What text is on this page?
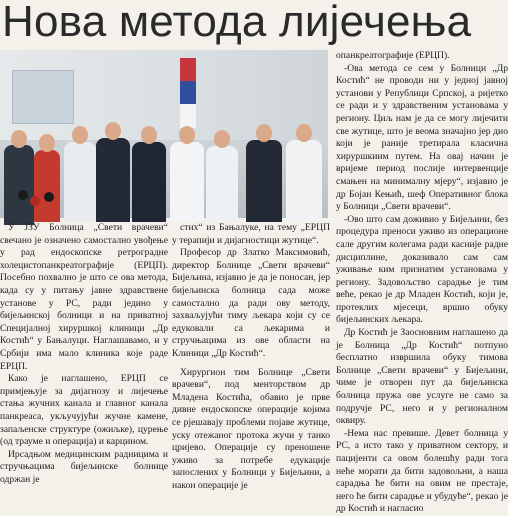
Нова метода лијечења

У ЈЗУ Болница „Свети врачеви“ свечано је означено самостално увођење у рад ендоскопске ретроградне холецистопанкреатографије (ЕРЦП). Посебно похвално је што се ова метода, када су у питању јавне здравствене установе у РС, ради једино у бијељинској болници и на приватној Специјалној хируршкој клиници „Др Костић“ у Бањалуци. Наглашавамо, и у Србији има мало клиника које раде ЕРЦП.

Како је наглашено, ЕРЦП се примјењује за дијагнозу и лијечење стања жучних канала и главног канала панкреаса, укључујући жучне камене, запаљенске структуре (ожиљке), цурење (од трауме и операција) и карцином.

Ирсадњом медицинским радницима и стручњацима бијељинске болнице одржан је

стих“ из Бањалуке, на тему „ЕРЦП у терапији и дијагностици жутице“.

Професор др Златко Максимовић, директор Болнице „Свети врачеви“ Бијељина, изјавио је да је поносан, јер бијељинска болница сада може самостално да ради ову методу, захваљујући тиму љекара који су се едуковали са љекарима и стручњацима из ове области на Клиници „Др Костић“.

Хирургион тим Болнице „Свети врачеви“, под менторством др Младена Костића, обавио је прве дивне ендоскопске операције којима се рјешавају проблеми појаве жутице, уску отежаног протока жучи у танко цријево. Операције су преношене уживо за потребе едукације запослених у Болници у Бијељини, а након операције је

опанкреатографије (ЕРЦП).

-Ова метода се сем у Болници „Др Костић“ не проводи ни у једној јавној установи у Републици Српској, а ријетко се ради и у здравственим установама у региону. Циљ нам је да се могу лијечити све жутице, што је веома значајно јер дио који је раније третирала класична хируршкиим путем. На овај начин је вријеме период послије интервенције смањен на минималну мјеру“, изјавио је др Бојан Кењић, шеф Оперативног блока у Болници „Свети врачеви“.

-Ово што сам доживио у Бијељини, без процедура преноси уживо из операционе сале другим колегама ради касније радне дисциплине, доказивало сам сам уживање ким признатим установама у региону. Задовољство сарадње је тим веће, рекао је др Младен Костић, који је, протеклих мјесеци, вршио обуку бијељинских љекара.

Др Костић је Заосновним наглашено да је Болница „Др Костић“ потпуно бесплатно извршила обуку тимова Болнице „Свети врачеви“ у Бијељини, чиме је отворен пут да бијељинска болница пружа ове услуге не само за подручје РС, него и у регионалном оквиру.

-Нема нас превише. Девет болница у РС, а исто тако у приватном сектору, и пацијенти са овом болешћу ради тога неће морати да бити задовољни, а наша сарадња ће бити на овим не престаје, него ће бити сарадње и убудуће“, рекао је др Костић и нагласио
